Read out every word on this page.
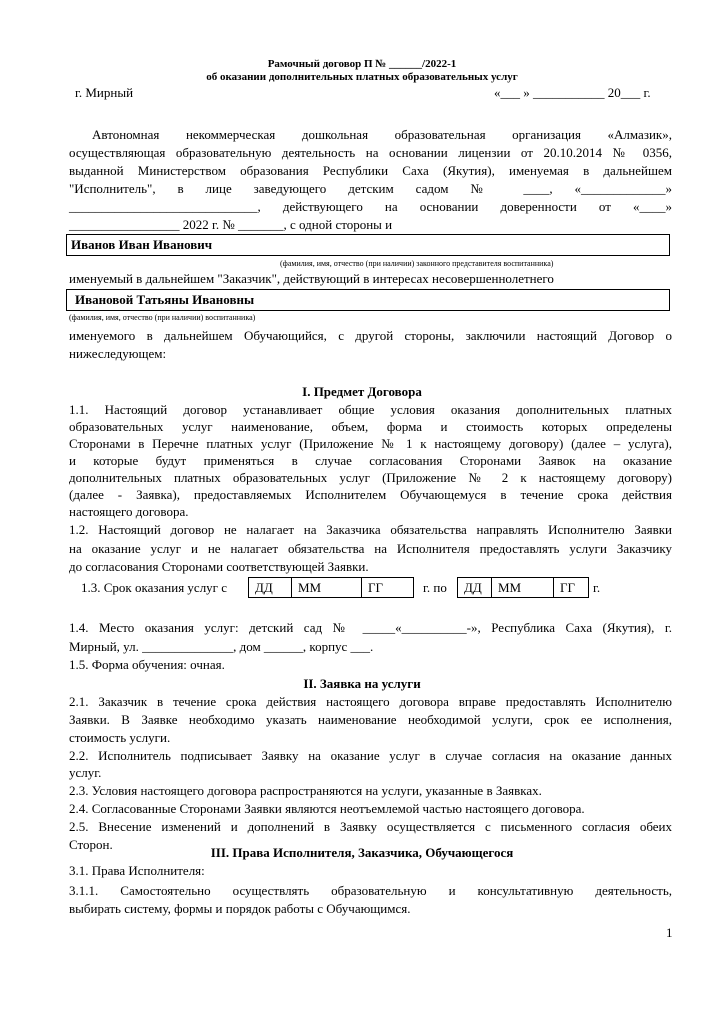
Рамочный договор П № ______/2022-1
об оказании дополнительных платных образовательных услуг
г. Мирный	«___ » ___________ 20___ г.
Автономная некоммерческая дошкольная образовательная организация «Алмазик»,
осуществляющая образовательную деятельность на основании лицензии от 20.10.2014 № 0356,
выданной Министерством образования Республики Саха (Якутия), именуемая в дальнейшем
"Исполнитель", в лице заведующего детским садом № ____, «_____________»
_____________________________, действующего на основании доверенности от «____»
_________________ 2022 г. № _______, с одной стороны и
Иванов Иван Иванович
(фамилия, имя, отчество (при наличии) законного представителя воспитанника)
именуемый в дальнейшем "Заказчик", действующий в интересах несовершеннолетнего
Ивановой Татьяны Ивановны
(фамилия, имя, отчество (при наличии) воспитанника)
именуемого в дальнейшем Обучающийся, с другой стороны, заключили настоящий Договор о
нижеследующем:
I. Предмет Договора
1.1. Настоящий договор устанавливает общие условия оказания дополнительных платных
образовательных услуг наименование, объем, форма и стоимость которых определены
Сторонами в Перечне платных услуг (Приложение № 1 к настоящему договору) (далее – услуга),
и которые будут применяться в случае согласования Сторонами Заявок на оказание
дополнительных платных образовательных услуг (Приложение № 2 к настоящему договору)
(далее - Заявка), предоставляемых Исполнителем Обучающемуся в течение срока действия
настоящего договора.
1.2. Настоящий договор не налагает на Заказчика обязательства направлять Исполнителю Заявки
на оказание услуг и не налагает обязательства на Исполнителя предоставлять услуги Заказчику
до согласования Сторонами соответствующей Заявки.
1.3. Срок оказания услуг с	ДД	ММ	ГГ	г. по	ДД	ММ	ГГ	г.
1.4. Место оказания услуг: детский сад № _____«__________-», Республика Саха (Якутия), г.
Мирный, ул. ______________, дом ______, корпус ___.
1.5. Форма обучения: очная.
II. Заявка на услуги
2.1. Заказчик в течение срока действия настоящего договора вправе предоставлять Исполнителю
Заявки. В Заявке необходимо указать наименование необходимой услуги, срок ее исполнения,
стоимость услуги.
2.2. Исполнитель подписывает Заявку на оказание услуг в случае согласия на оказание данных
услуг.
2.3. Условия настоящего договора распространяются на услуги, указанные в Заявках.
2.4. Согласованные Сторонами Заявки являются неотъемлемой частью настоящего договора.
2.5. Внесение изменений и дополнений в Заявку осуществляется с письменного согласия обеих
Сторон.
III. Права Исполнителя, Заказчика, Обучающегося
3.1. Права Исполнителя:
3.1.1. Самостоятельно осуществлять образовательную и консультативную деятельность,
выбирать систему, формы и порядок работы с Обучающимся.
1
